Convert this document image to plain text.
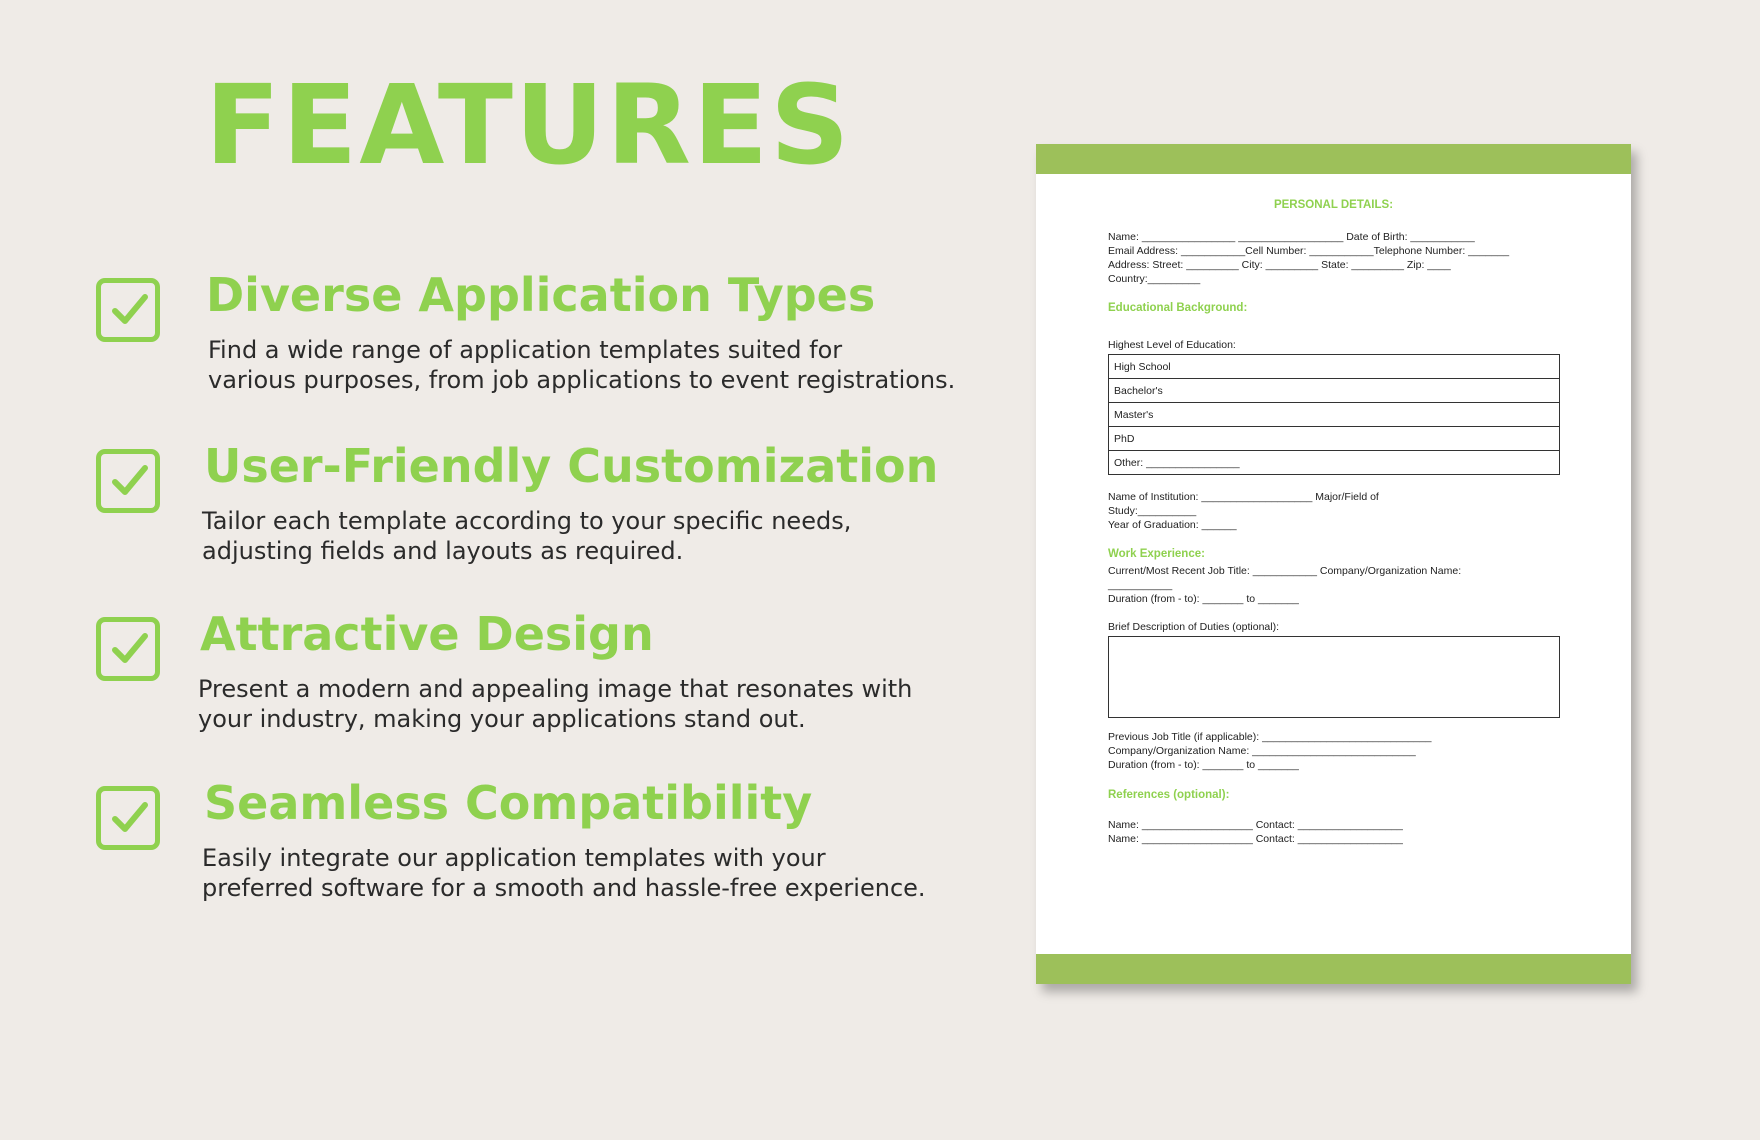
FEATURES
Diverse Application Types
Find a wide range of application templates suited for
various purposes, from job applications to event registrations.
User-Friendly Customization
Tailor each template according to your specific needs,
adjusting fields and layouts as required.
Attractive Design
Present a modern and appealing image that resonates with
your industry, making your applications stand out.
Seamless Compatibility
Easily integrate our application templates with your
preferred software for a smooth and hassle-free experience.
PERSONAL DETAILS:
Name: ________________ __________________ Date of Birth: ___________
Email Address: ___________Cell Number: ___________Telephone Number: _______
Address: Street: _________ City: _________ State: _________ Zip: ____
Country:_________
Educational Background:
Highest Level of Education:
High School
Bachelor's
Master's
PhD
Other: ________________
Name of Institution: ___________________ Major/Field of
Study:__________
Year of Graduation: ______
Work Experience:
Current/Most Recent Job Title: ___________ Company/Organization Name:
___________
Duration (from - to): _______ to _______
Brief Description of Duties (optional):
Previous Job Title (if applicable): _____________________________
Company/Organization Name: ____________________________
Duration (from - to): _______ to _______
References (optional):
Name: ___________________ Contact: __________________
Name: ___________________ Contact: __________________
